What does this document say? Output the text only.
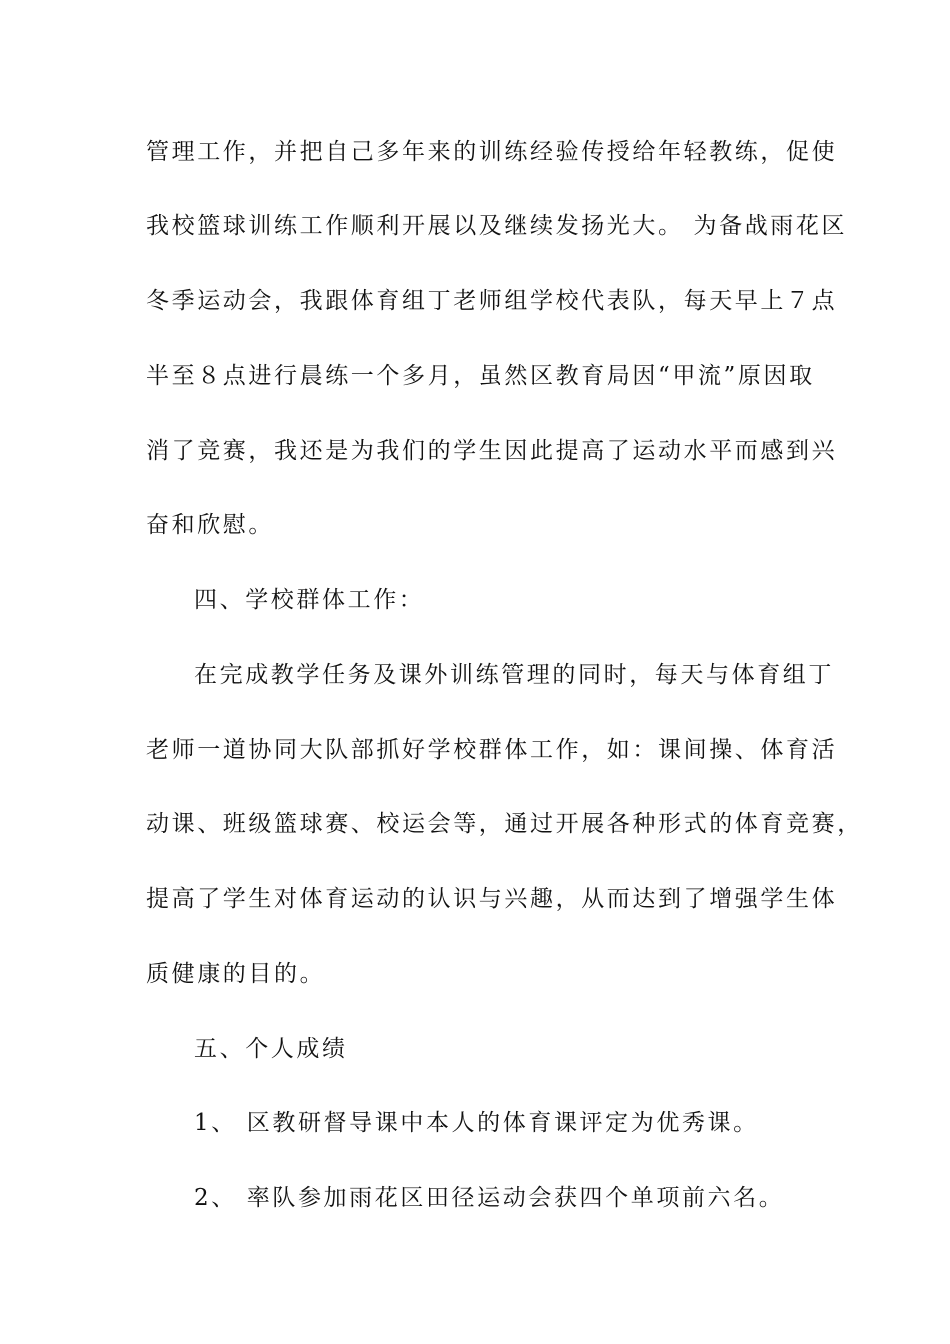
管理工作，并把自己多年来的训练经验传授给年轻教练，促使
我校篮球训练工作顺利开展以及继续发扬光大。 为备战雨花区
冬季运动会，我跟体育组丁老师组学校代表队，每天早上７点
半至８点进行晨练一个多月，虽然区教育局因“甲流”原因取
消了竞赛，我还是为我们的学生因此提高了运动水平而感到兴
奋和欣慰。
四、学校群体工作：
在完成教学任务及课外训练管理的同时，每天与体育组丁
老师一道协同大队部抓好学校群体工作，如：课间操、体育活
动课、班级篮球赛、校运会等，通过开展各种形式的体育竞赛，
提高了学生对体育运动的认识与兴趣，从而达到了增强学生体
质健康的目的。
五、个人成绩
1、 区教研督导课中本人的体育课评定为优秀课。
2、 率队参加雨花区田径运动会获四个单项前六名。
